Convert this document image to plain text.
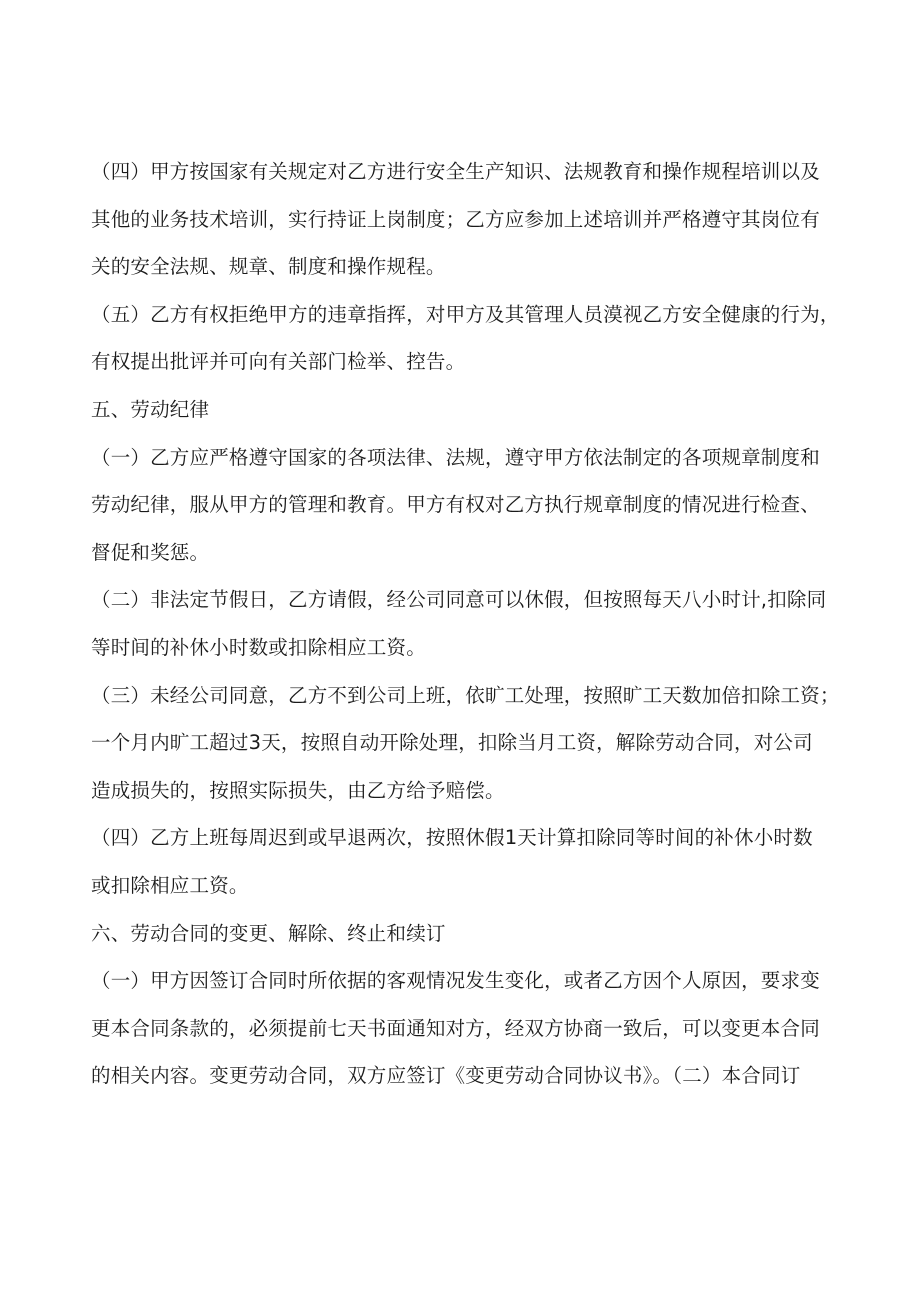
（四）甲方按国家有关规定对乙方进行安全生产知识、法规教育和操作规程培训以及
其他的业务技术培训，实行持证上岗制度；乙方应参加上述培训并严格遵守其岗位有
关的安全法规、规章、制度和操作规程。
（五）乙方有权拒绝甲方的违章指挥，对甲方及其管理人员漠视乙方安全健康的行为，
有权提出批评并可向有关部门检举、控告。
五、劳动纪律
（一）乙方应严格遵守国家的各项法律、法规，遵守甲方依法制定的各项规章制度和
劳动纪律，服从甲方的管理和教育。甲方有权对乙方执行规章制度的情况进行检查、
督促和奖惩。
（二）非法定节假日，乙方请假，经公司同意可以休假，但按照每天八小时计,扣除同
等时间的补休小时数或扣除相应工资。
（三）未经公司同意，乙方不到公司上班，依旷工处理，按照旷工天数加倍扣除工资；
一个月内旷工超过3天，按照自动开除处理，扣除当月工资，解除劳动合同，对公司
造成损失的，按照实际损失，由乙方给予赔偿。
（四）乙方上班每周迟到或早退两次，按照休假1天计算扣除同等时间的补休小时数
或扣除相应工资。
六、劳动合同的变更、解除、终止和续订
（一）甲方因签订合同时所依据的客观情况发生变化，或者乙方因个人原因，要求变
更本合同条款的，必须提前七天书面通知对方，经双方协商一致后，可以变更本合同
的相关内容。变更劳动合同，双方应签订《变更劳动合同协议书》。（二）本合同订
